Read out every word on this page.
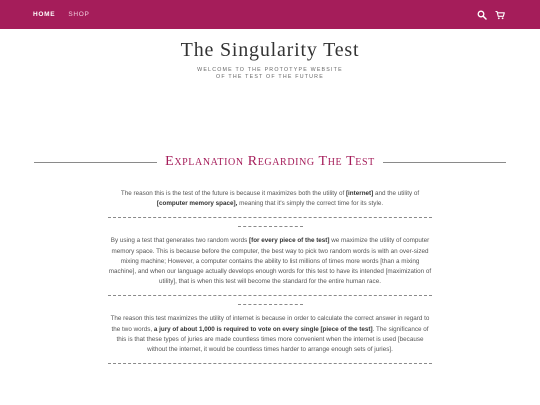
HOME SHOP
The Singularity Test
WELCOME TO THE PROTOTYPE WEBSITE
OF THE TEST OF THE FUTURE
Explanation Regarding The Test

The reason this is the test of the future is because it maximizes both the utility of [internet] and the utility of [computer memory space], meaning that it's simply the correct time for its style.

By using a test that generates two random words [for every piece of the test] we maximize the utility of computer memory space. This is because before the computer, the best way to pick two random words is with an over-sized mixing machine; However, a computer contains the ability to list millions of times more words [than a mixing machine], and when our language actually develops enough words for this test to have its intended [maximization of utility], that is when this test will become the standard for the entire human race.

The reason this test maximizes the utility of internet is because in order to calculate the correct answer in regard to the two words, a jury of about 1,000 is required to vote on every single [piece of the test]. The significance of this is that these types of juries are made countless times more convenient when the internet is used [because without the internet, it would be countless times harder to arrange enough sets of juries].
